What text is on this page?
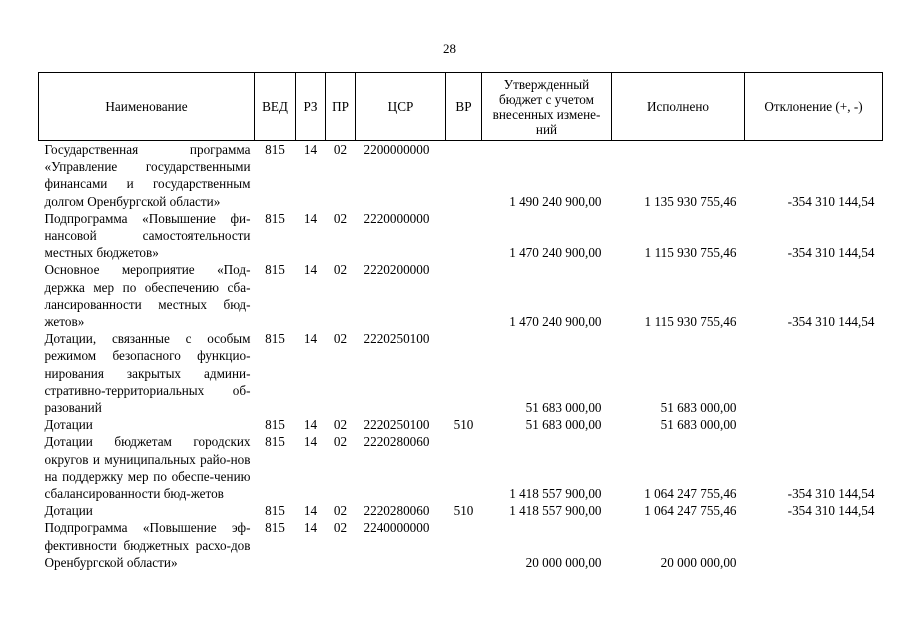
28
Наименование	ВЕД	РЗ	ПР	ЦСР	ВР	Утвержденный бюджет с учетом внесенных измене-ний	Исполнено	Отклонение (+, -)
Государственная программа «Управление государственными финансами и государственным долгом Оренбургской области»	815	14	02	2200000000		1 490 240 900,00	1 135 930 755,46	-354 310 144,54
Подпрограмма «Повышение фи-нансовой самостоятельности местных бюджетов»	815	14	02	2220000000		1 470 240 900,00	1 115 930 755,46	-354 310 144,54
Основное мероприятие «Под-держка мер по обеспечению сба-лансированности местных бюд-жетов»	815	14	02	2220200000		1 470 240 900,00	1 115 930 755,46	-354 310 144,54
Дотации, связанные с особым режимом безопасного функцио-нирования закрытых админи-стративно-территориальных об-разований	815	14	02	2220250100		51 683 000,00	51 683 000,00	
Дотации	815	14	02	2220250100	510	51 683 000,00	51 683 000,00	
Дотации бюджетам городских округов и муниципальных райо-нов на поддержку мер по обеспе-чению сбалансированности бюд-жетов	815	14	02	2220280060		1 418 557 900,00	1 064 247 755,46	-354 310 144,54
Дотации	815	14	02	2220280060	510	1 418 557 900,00	1 064 247 755,46	-354 310 144,54
Подпрограмма «Повышение эф-фективности бюджетных расхо-дов Оренбургской области»	815	14	02	2240000000		20 000 000,00	20 000 000,00	
